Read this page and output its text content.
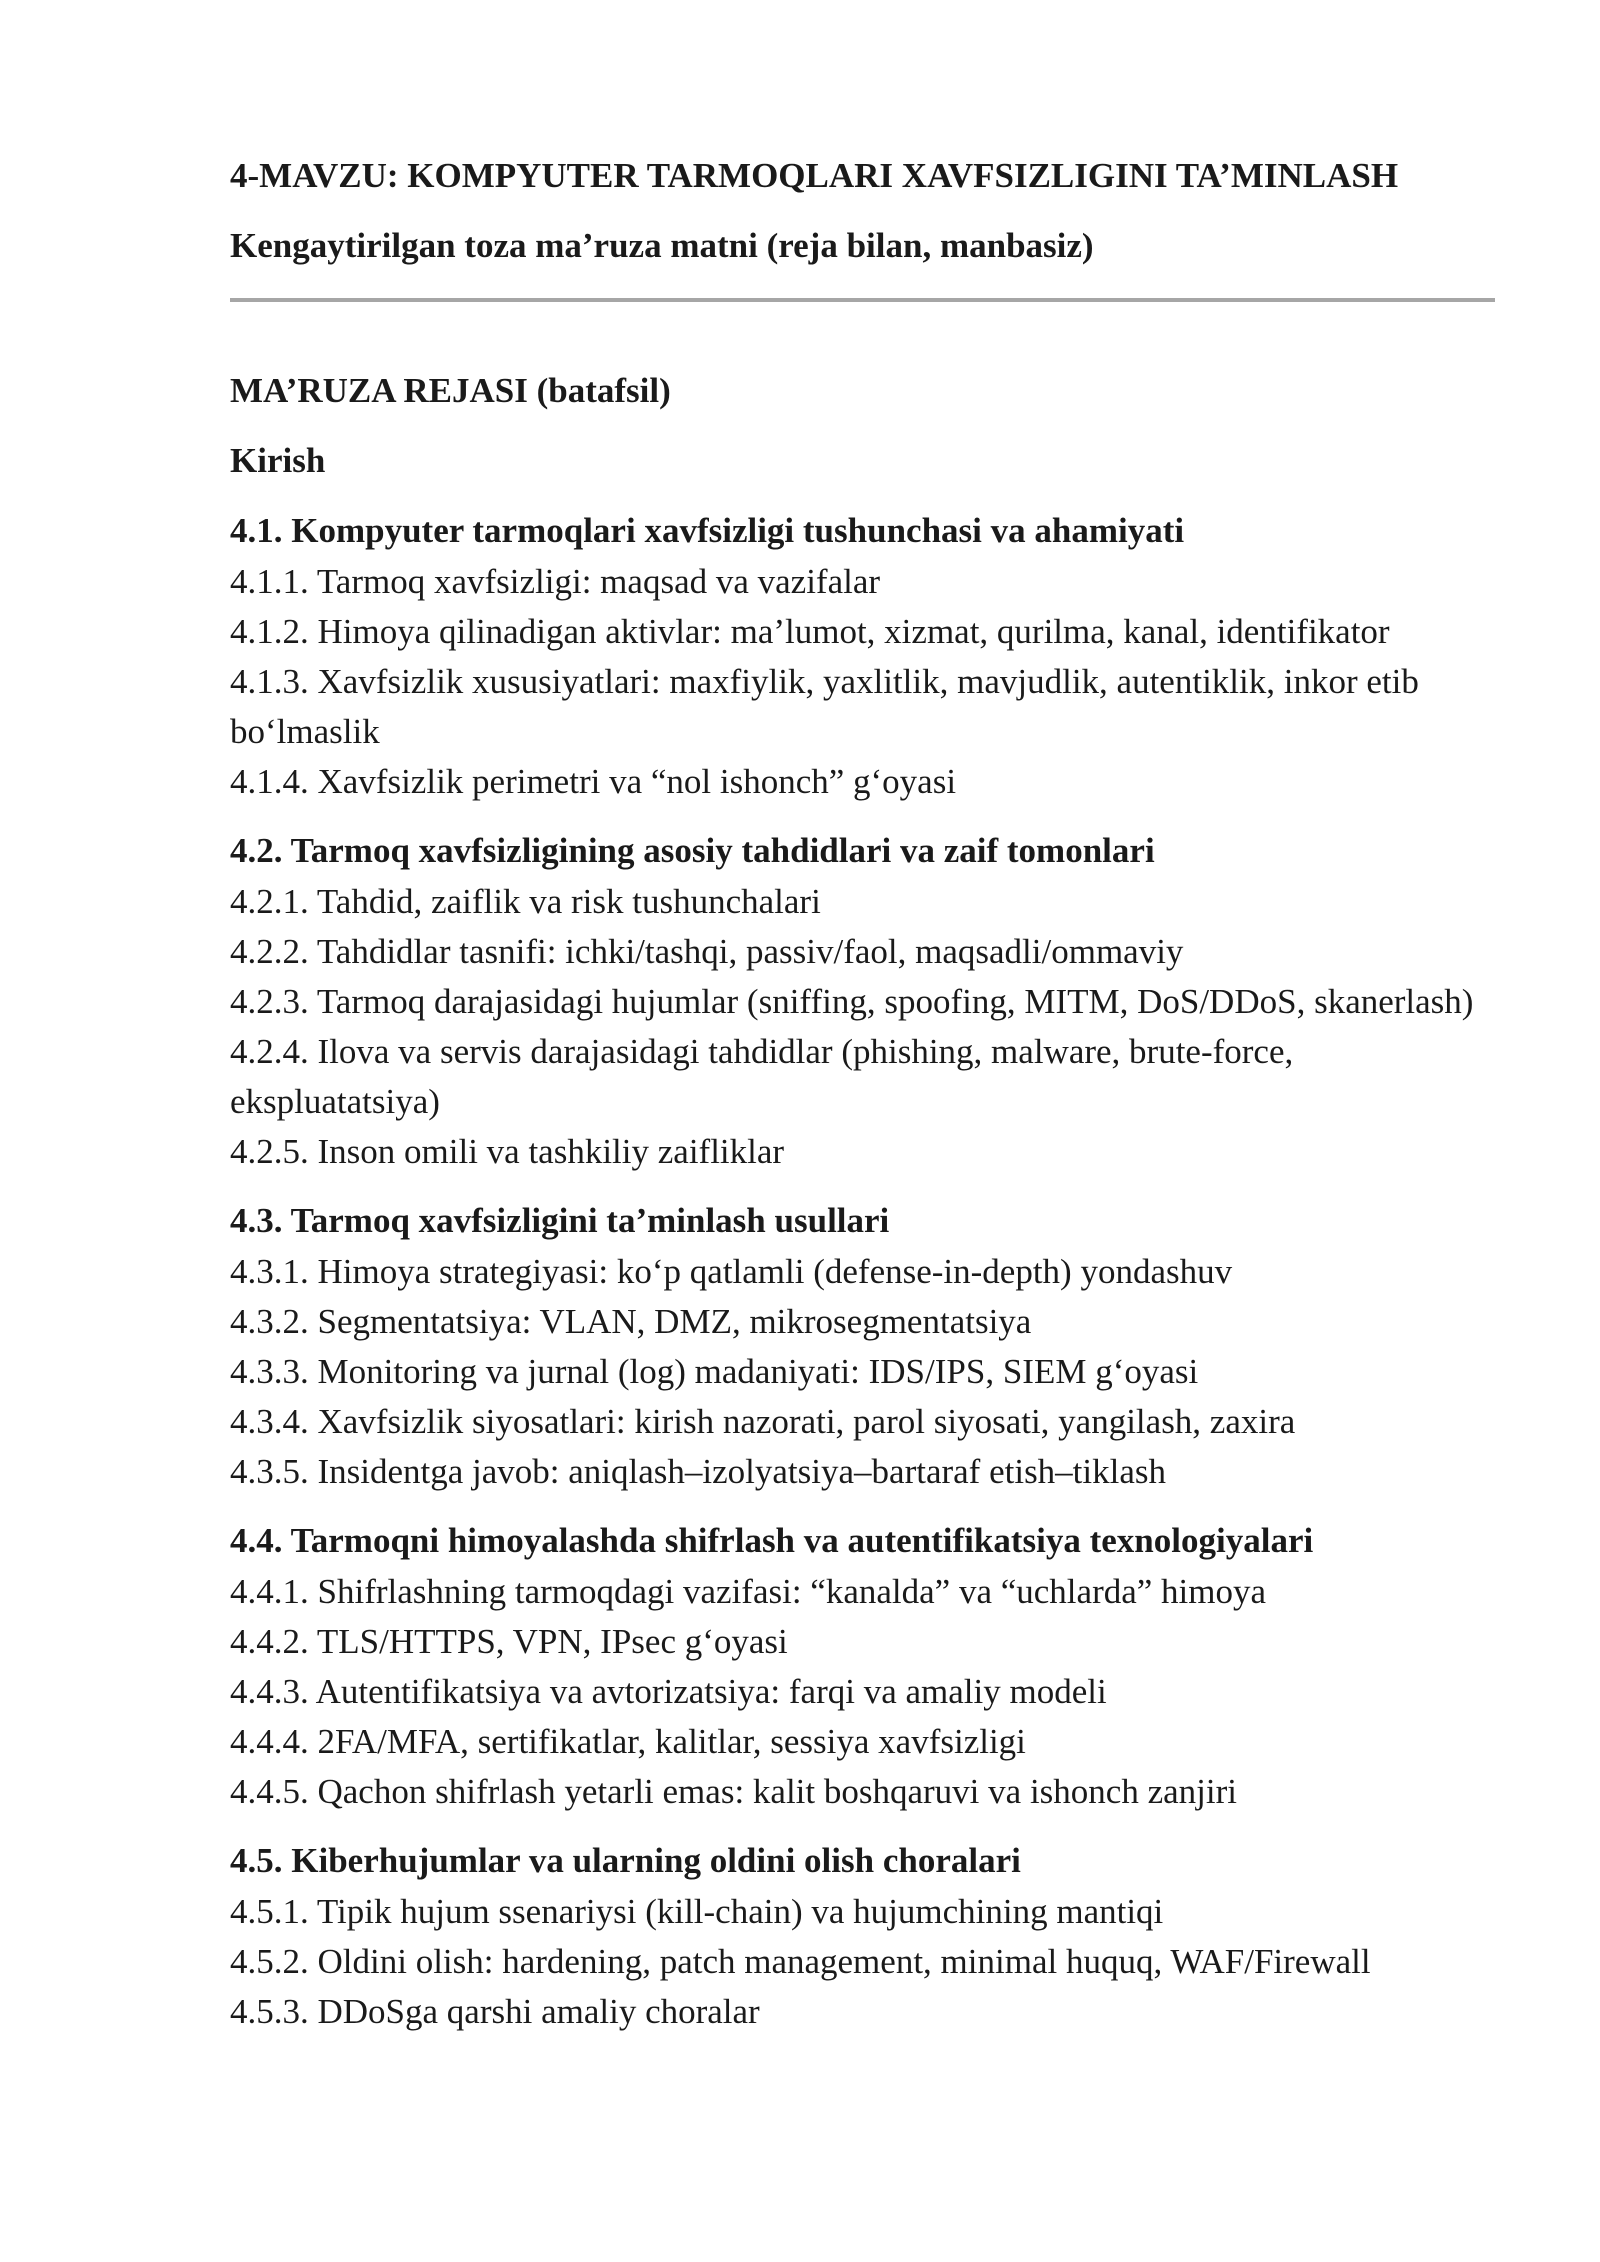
4-MAVZU: KOMPYUTER TARMOQLARI XAVFSIZLIGINI TA’MINLASH

Kengaytirilgan toza ma’ruza matni (reja bilan, manbasiz)

MA’RUZA REJASI (batafsil)

Kirish

4.1. Kompyuter tarmoqlari xavfsizligi tushunchasi va ahamiyati

4.1.1. Tarmoq xavfsizligi: maqsad va vazifalar

4.1.2. Himoya qilinadigan aktivlar: ma’lumot, xizmat, qurilma, kanal, identifikator

4.1.3. Xavfsizlik xususiyatlari: maxfiylik, yaxlitlik, mavjudlik, autentiklik, inkor etib bo‘lmaslik

4.1.4. Xavfsizlik perimetri va “nol ishonch” g‘oyasi

4.2. Tarmoq xavfsizligining asosiy tahdidlari va zaif tomonlari

4.2.1. Tahdid, zaiflik va risk tushunchalari

4.2.2. Tahdidlar tasnifi: ichki/tashqi, passiv/faol, maqsadli/ommaviy

4.2.3. Tarmoq darajasidagi hujumlar (sniffing, spoofing, MITM, DoS/DDoS, skanerlash)

4.2.4. Ilova va servis darajasidagi tahdidlar (phishing, malware, brute-force, ekspluatatsiya)

4.2.5. Inson omili va tashkiliy zaifliklar

4.3. Tarmoq xavfsizligini ta’minlash usullari

4.3.1. Himoya strategiyasi: ko‘p qatlamli (defense-in-depth) yondashuv

4.3.2. Segmentatsiya: VLAN, DMZ, mikrosegmentatsiya

4.3.3. Monitoring va jurnal (log) madaniyati: IDS/IPS, SIEM g‘oyasi

4.3.4. Xavfsizlik siyosatlari: kirish nazorati, parol siyosati, yangilash, zaxira

4.3.5. Insidentga javob: aniqlash–izolyatsiya–bartaraf etish–tiklash

4.4. Tarmoqni himoyalashda shifrlash va autentifikatsiya texnologiyalari

4.4.1. Shifrlashning tarmoqdagi vazifasi: “kanalda” va “uchlarda” himoya

4.4.2. TLS/HTTPS, VPN, IPsec g‘oyasi

4.4.3. Autentifikatsiya va avtorizatsiya: farqi va amaliy modeli

4.4.4. 2FA/MFA, sertifikatlar, kalitlar, sessiya xavfsizligi

4.4.5. Qachon shifrlash yetarli emas: kalit boshqaruvi va ishonch zanjiri

4.5. Kiberhujumlar va ularning oldini olish choralari

4.5.1. Tipik hujum ssenariysi (kill-chain) va hujumchining mantiqi

4.5.2. Oldini olish: hardening, patch management, minimal huquq, WAF/Firewall

4.5.3. DDoSga qarshi amaliy choralar
